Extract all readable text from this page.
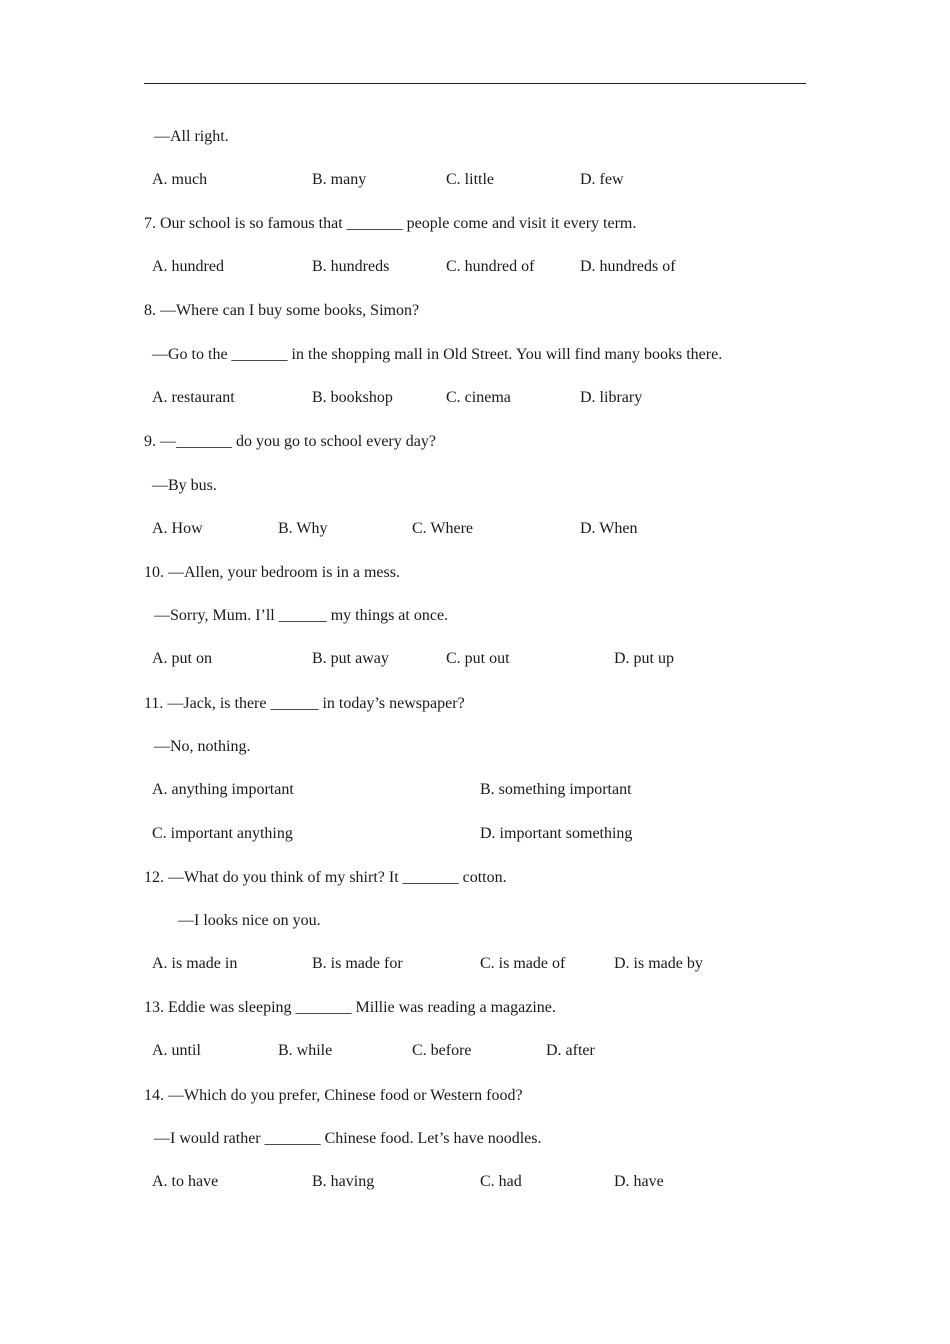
—All right.
A. much	B. many	C. little	D. few
7. Our school is so famous that _______ people come and visit it every term.
A. hundred	B. hundreds	C. hundred of	D. hundreds of
8. —Where can I buy some books, Simon?
—Go to the _______ in the shopping mall in Old Street. You will find many books there.
A. restaurant	B. bookshop	C. cinema	D. library
9. —_______ do you go to school every day?
—By bus.
A. How	B. Why	C. Where	D. When
10. —Allen, your bedroom is in a mess.
—Sorry, Mum. I’ll ______ my things at once.
A. put on	B. put away	C. put out	D. put up
11. —Jack, is there ______ in today’s newspaper?
—No, nothing.
A. anything important	B. something important
C. important anything	D. important something
12. —What do you think of my shirt? It _______ cotton.
—I looks nice on you.
A. is made in	B. is made for	C. is made of	D. is made by
13. Eddie was sleeping _______ Millie was reading a magazine.
A. until	B. while	C. before	D. after
14. —Which do you prefer, Chinese food or Western food?
—I would rather _______ Chinese food. Let’s have noodles.
A. to have	B. having	C. had	D. have
